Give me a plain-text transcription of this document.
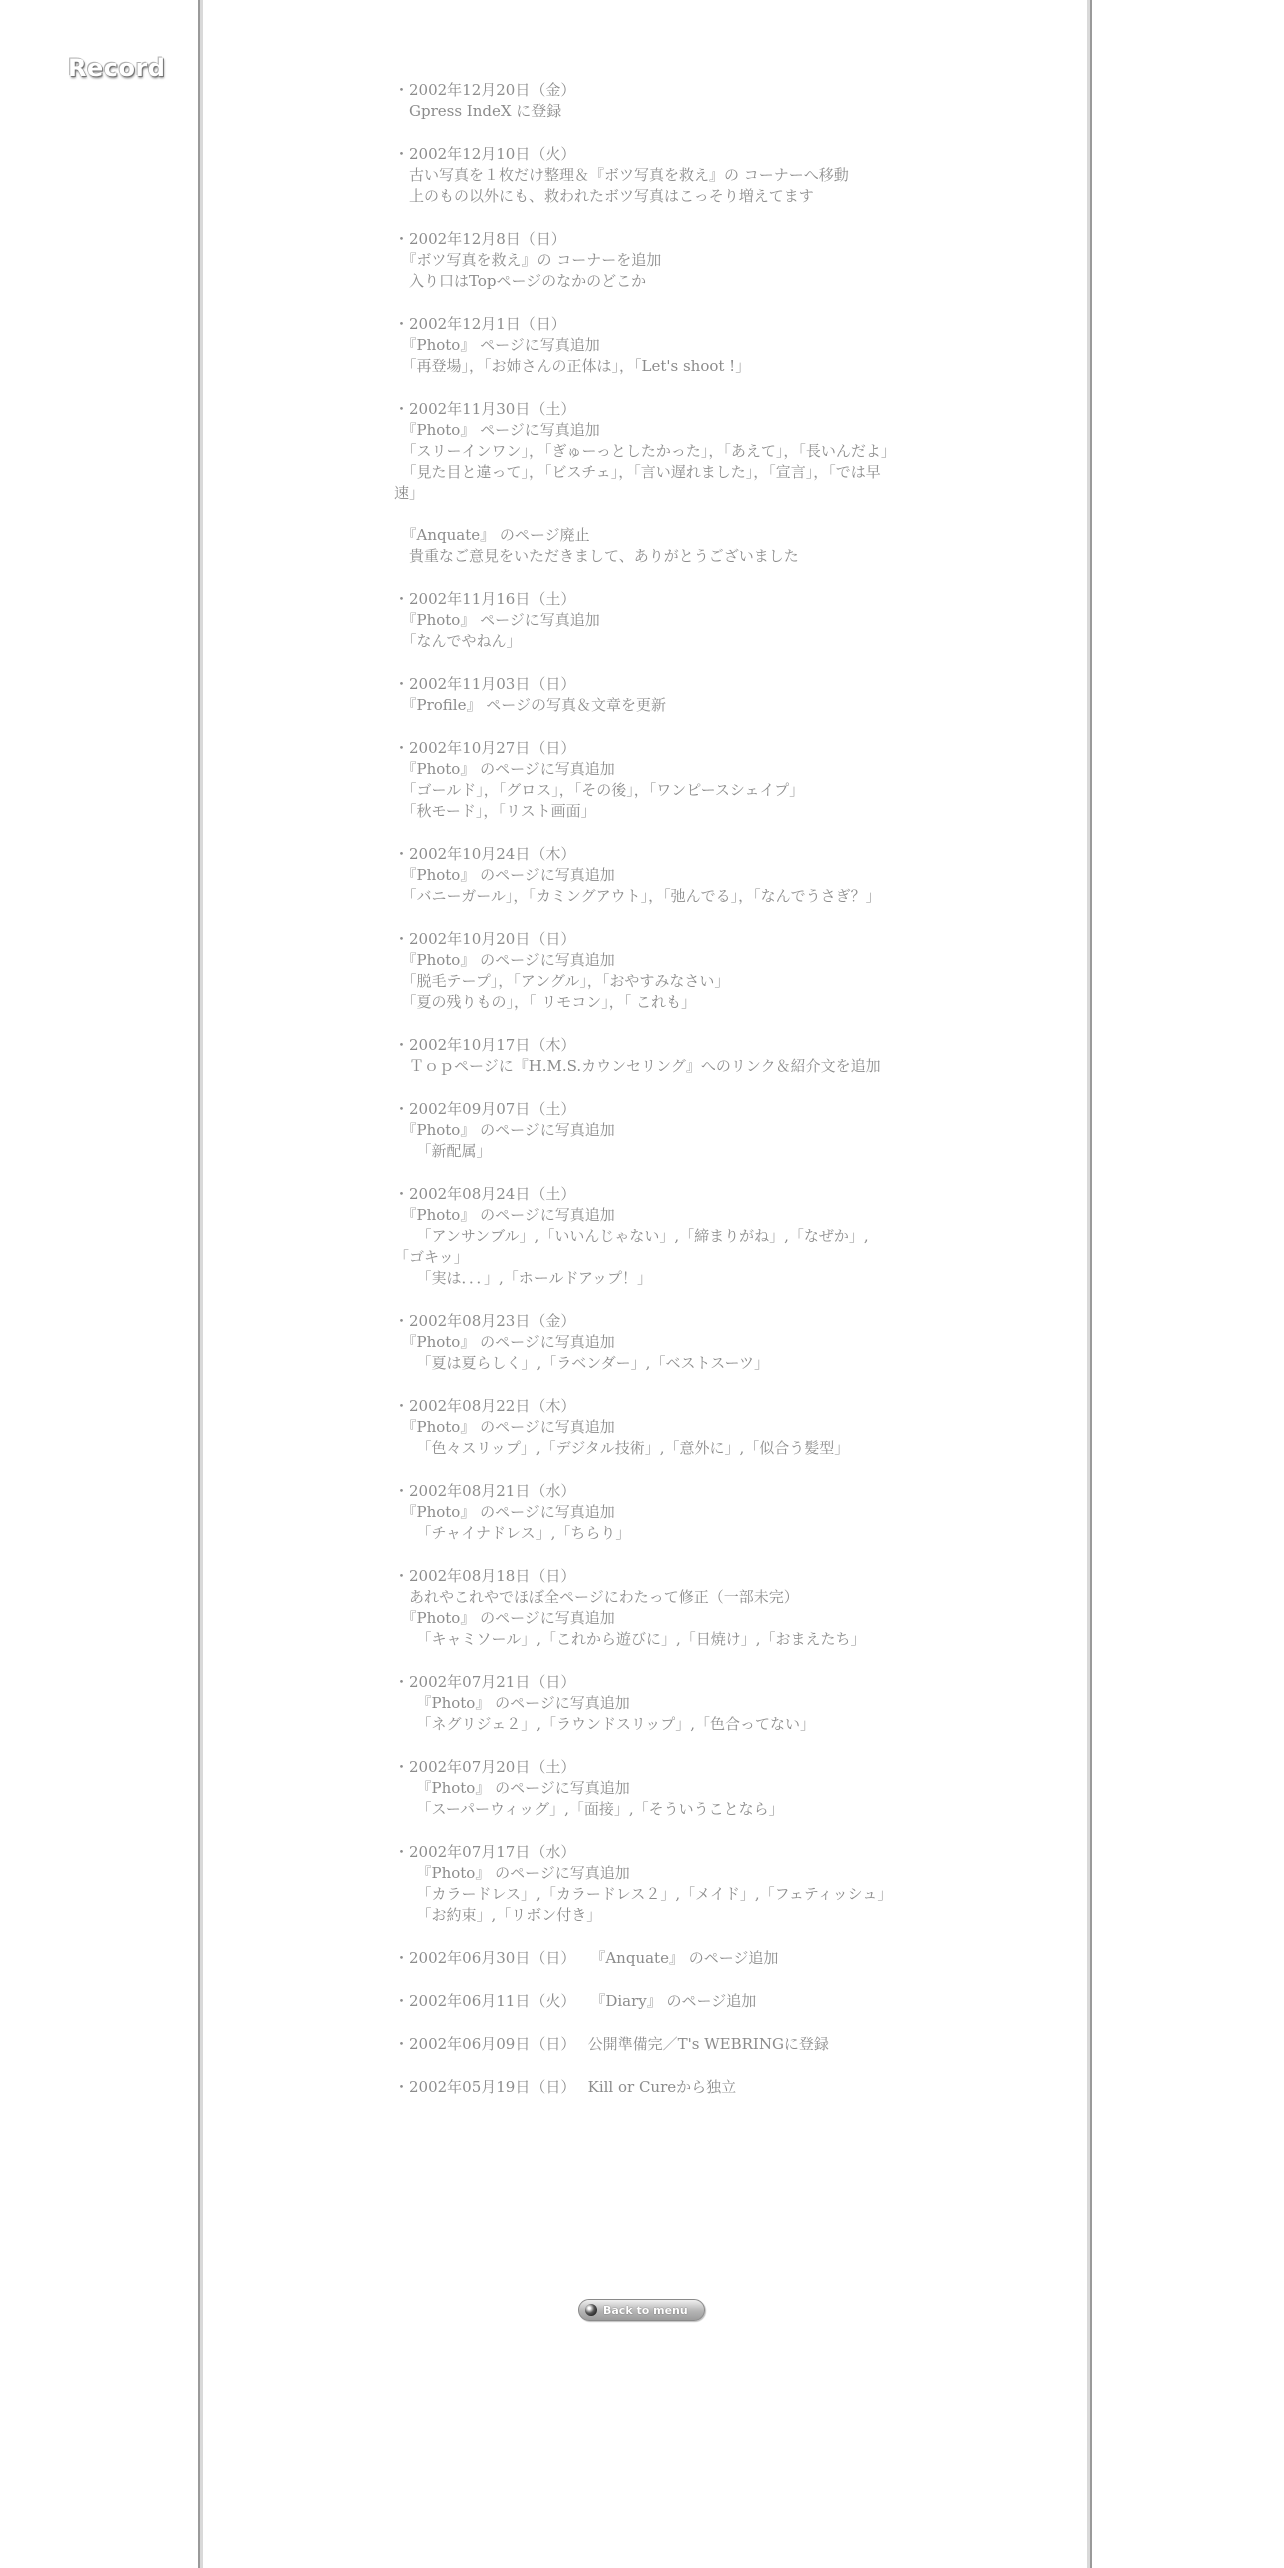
Record
・2002年12月20日（金）
　Gpress IndeX に登録
・2002年12月10日（火）
　古い写真を１枚だけ整理＆『ボツ写真を救え』の コーナーへ移動
　上のもの以外にも、救われたボツ写真はこっそり増えてます
・2002年12月8日（日）
　『ボツ写真を救え』の コーナーを追加
　入り口はTopページのなかのどこか
・2002年12月1日（日）
　『Photo』 ページに写真追加
　「再登場」，「お姉さんの正体は」，「Let's shoot !」
・2002年11月30日（土）
　『Photo』 ページに写真追加
　「スリーインワン」，「ぎゅーっとしたかった」，「あえて」，「長いんだよ」
　「見た目と違って」，「ビスチェ」，「言い遅れました」，「宣言」，「では早速」
　『Anquate』 のページ廃止
　貴重なご意見をいただきまして、ありがとうございました
・2002年11月16日（土）
　『Photo』 ページに写真追加
　「なんでやねん」
・2002年11月03日（日）
　『Profile』 ページの写真＆文章を更新
・2002年10月27日（日）
　『Photo』 のページに写真追加
　「ゴールド」，「グロス」，「その後」，「ワンピースシェイプ」
　「秋モード」，「リスト画面」
・2002年10月24日（木）
　『Photo』 のページに写真追加
　「バニーガール」，「カミングアウト」，「弛んでる」，「なんでうさぎ？」
・2002年10月20日（日）
　『Photo』 のページに写真追加
　「脱毛テープ」，「アングル」，「おやすみなさい」
　「夏の残りもの」，「 リモコン」，「 これも」
・2002年10月17日（木）
　Ｔｏｐページに『H.M.S.カウンセリング』へのリンク＆紹介文を追加
・2002年09月07日（土）
　『Photo』 のページに写真追加
　　「新配属」
・2002年08月24日（土）
　『Photo』 のページに写真追加
　　「アンサンブル」,「いいんじゃない」,「締まりがね」,「なぜか」,「ゴキッ」
　　「実は．．．」,「ホールドアップ！」
・2002年08月23日（金）
　『Photo』 のページに写真追加
　　「夏は夏らしく」,「ラベンダー」,「ベストスーツ」
・2002年08月22日（木）
　『Photo』 のページに写真追加
　　「色々スリップ」,「デジタル技術」,「意外に」,「似合う髪型」
・2002年08月21日（水）
　『Photo』 のページに写真追加
　　「チャイナドレス」,「ちらり」
・2002年08月18日（日）
　あれやこれやでほぼ全ページにわたって修正（一部未完）
　『Photo』 のページに写真追加
　　「キャミソール」,「これから遊びに」,「日焼け」,「おまえたち」
・2002年07月21日（日）
　　『Photo』 のページに写真追加
　　「ネグリジェ２」,「ラウンドスリップ」,「色合ってない」
・2002年07月20日（土）
　　『Photo』 のページに写真追加
　　「スーパーウィッグ」,「面接」,「そういうことなら」
・2002年07月17日（水）
　　『Photo』 のページに写真追加
　　「カラードレス」,「カラードレス２」,「メイド」,「フェティッシュ」
　　「お約束」,「リボン付き」
・2002年06月30日（日）　　『Anquate』 のページ追加
・2002年06月11日（火）　　『Diary』 のページ追加
・2002年06月09日（日）　 公開準備完／T's WEBRINGに登録
・2002年05月19日（日）　 Kill or Cureから独立
Back to menu
